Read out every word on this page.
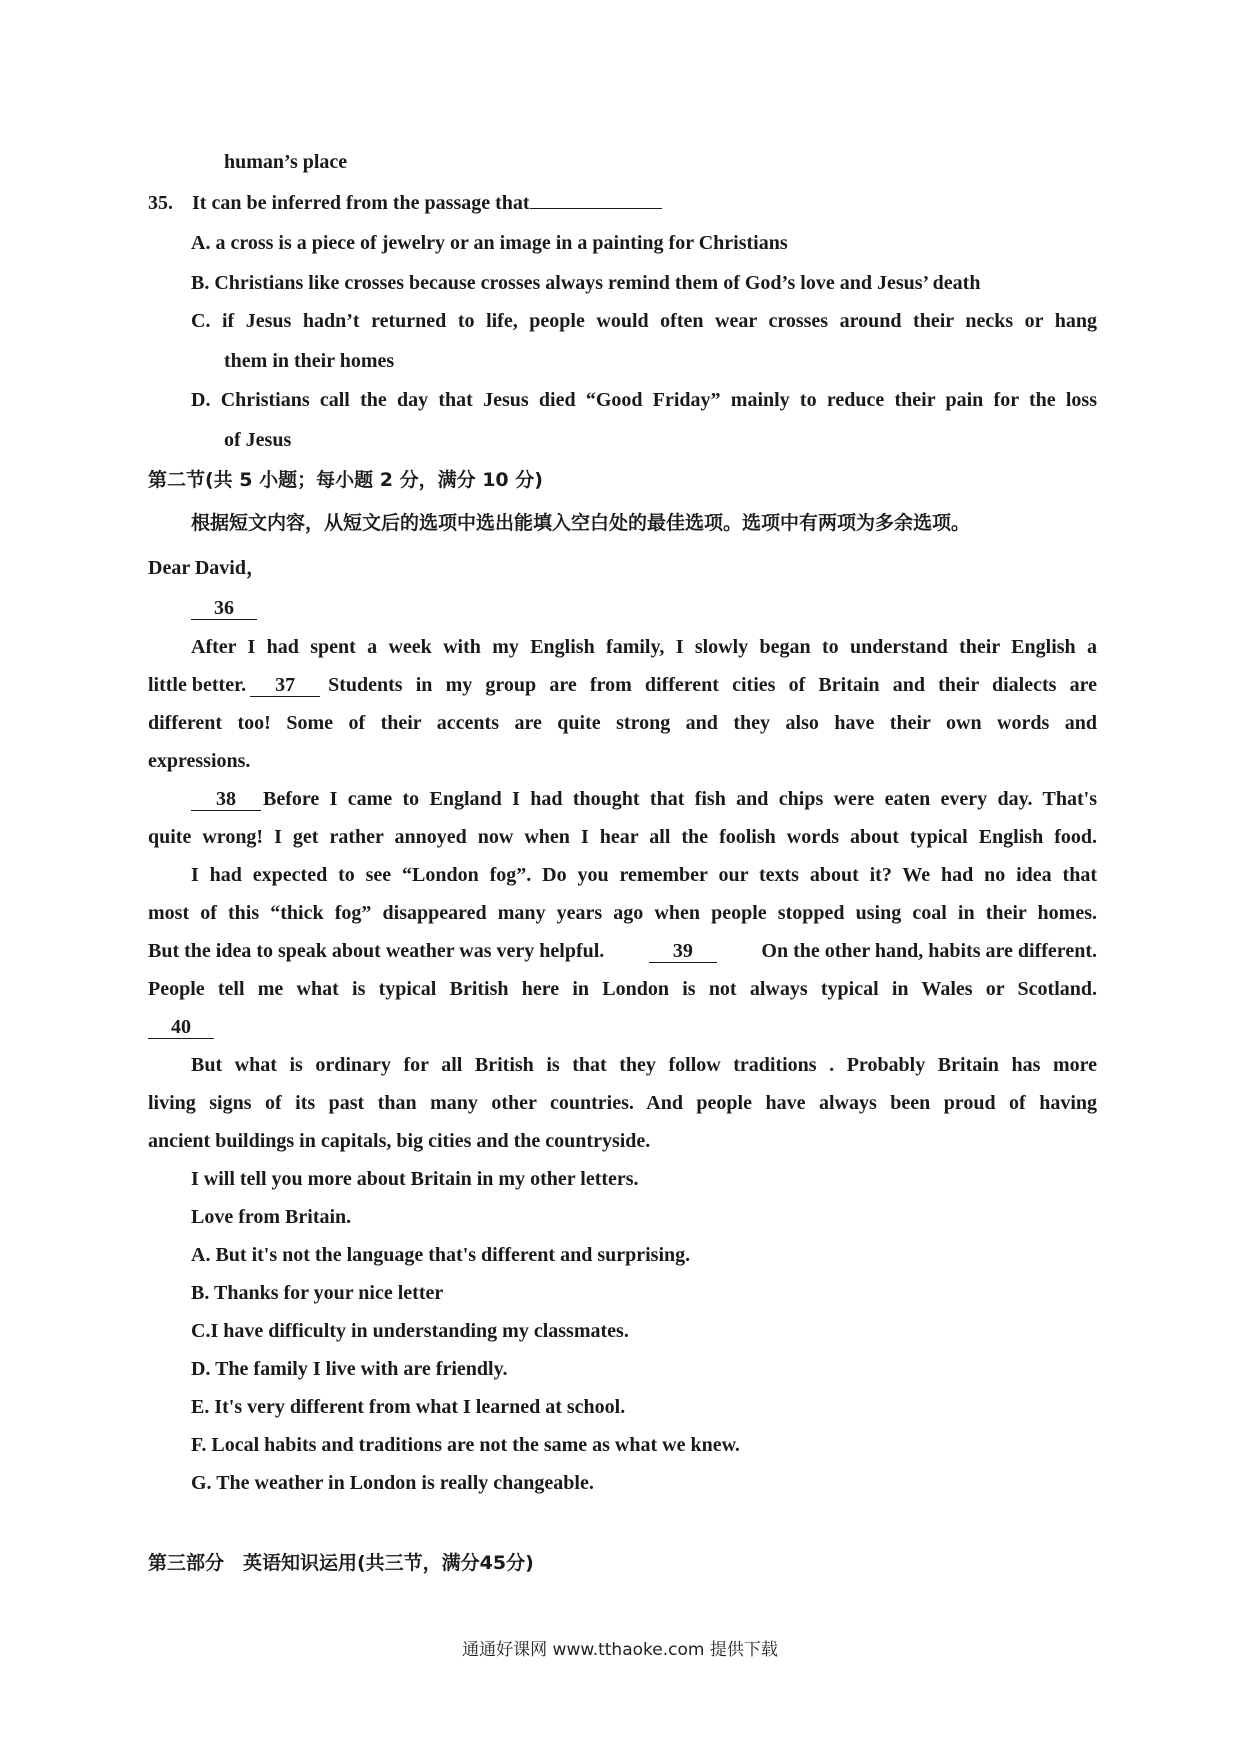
human’s place
35. It can be inferred from the passage that
A. a cross is a piece of jewelry or an image in a painting for Christians
B. Christians like crosses because crosses always remind them of God’s love and Jesus’ death
C. if Jesus hadn’t returned to life, people would often wear crosses around their necks or hang
them in their homes
D. Christians call the day that Jesus died “Good Friday” mainly to reduce their pain for the loss
of Jesus
第二节(共 5 小题；每小题 2 分，满分 10 分)
根据短文内容，从短文后的选项中选出能填入空白处的最佳选项。选项中有两项为多余选项。
Dear David，
36
After I had spent a week with my English family, I slowly began to understand their English a
little better.	37	Students in my group are from different cities of Britain and their dialects are
different too! Some of their accents are quite strong and they also have their own words and
expressions.
38	Before I came to England I had thought that fish and chips were eaten every day. That's
quite wrong! I get rather annoyed now when I hear all the foolish words about typical English food.
I had expected to see “London fog”. Do you remember our texts about it? We had no idea that
most of this “thick fog” disappeared many years ago when people stopped using coal in their homes.
But the idea to speak about weather was very helpful.	39	On the other hand, habits are different.
People tell me what is typical British here in London is not always typical in Wales or Scotland.
40
But what is ordinary for all British is that they follow traditions . Probably Britain has more
living signs of its past than many other countries. And people have always been proud of having
ancient buildings in capitals, big cities and the countryside.
I will tell you more about Britain in my other letters.
Love from Britain.
A. But it's not the language that's different and surprising.
B. Thanks for your nice letter
C.I have difficulty in understanding my classmates.
D. The family I live with are friendly.
E. It's very different from what I learned at school.
F. Local habits and traditions are not the same as what we knew.
G. The weather in London is really changeable.
第三部分　英语知识运用(共三节，满分45分)
通通好课网 www.tthaoke.com 提供下载
